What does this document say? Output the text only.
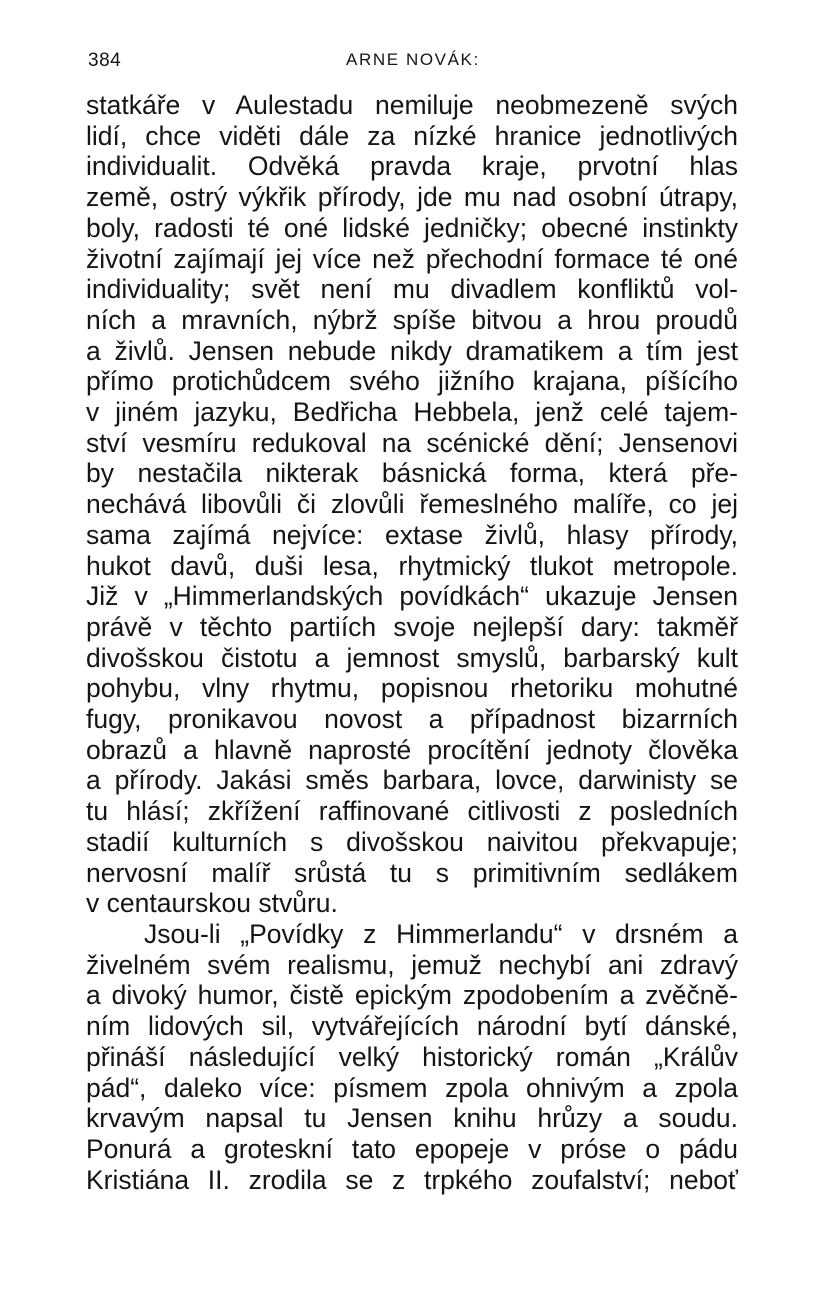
384	ARNE NOVÁK:
statkáře v Aulestadu nemiluje neobmezeně svých
lidí, chce viděti dále za nízké hranice jednotlivých
individualit. Odvěká pravda kraje, prvotní hlas
země, ostrý výkřik přírody, jde mu nad osobní útrapy,
boly, radosti té oné lidské jedničky; obecné instinkty
životní zajímají jej více než přechodní formace té oné
individuality; svět není mu divadlem konfliktů vol-
ních a mravních, nýbrž spíše bitvou a hrou proudů
a živlů. Jensen nebude nikdy dramatikem a tím jest
přímo protichůdcem svého jižního krajana, píšícího
v jiném jazyku, Bedřicha Hebbela, jenž celé tajem-
ství vesmíru redukoval na scénické dění; Jensenovi
by nestačila nikterak básnická forma, která pře-
nechává libovůli či zlovůli řemeslného malíře, co jej
sama zajímá nejvíce: extase živlů, hlasy přírody,
hukot davů, duši lesa, rhytmický tlukot metropole.
Již v „Himmerlandských povídkách“ ukazuje Jensen
právě v těchto partiích svoje nejlepší dary: takměř
divošskou čistotu a jemnost smyslů, barbarský kult
pohybu, vlny rhytmu, popisnou rhetoriku mohutné
fugy, pronikavou novost a případnost bizarrních
obrazů a hlavně naprosté procítění jednoty člověka
a přírody. Jakási směs barbara, lovce, darwinisty se
tu hlásí; zkřížení raffinované citlivosti z posledních
stadií kulturních s divošskou naivitou překvapuje;
nervosní malíř srůstá tu s primitivním sedlákem
v centaurskou stvůru.
Jsou-li „Povídky z Himmerlandu“ v drsném a
živelném svém realismu, jemuž nechybí ani zdravý
a divoký humor, čistě epickým zpodobením a zvěčně-
ním lidových sil, vytvářejících národní bytí dánské,
přináší následující velký historický román „Králův
pád“, daleko více: písmem zpola ohnivým a zpola
krvavým napsal tu Jensen knihu hrůzy a soudu.
Ponurá a groteskní tato epopeje v próse o pádu
Kristiána II. zrodila se z trpkého zoufalství; neboť
